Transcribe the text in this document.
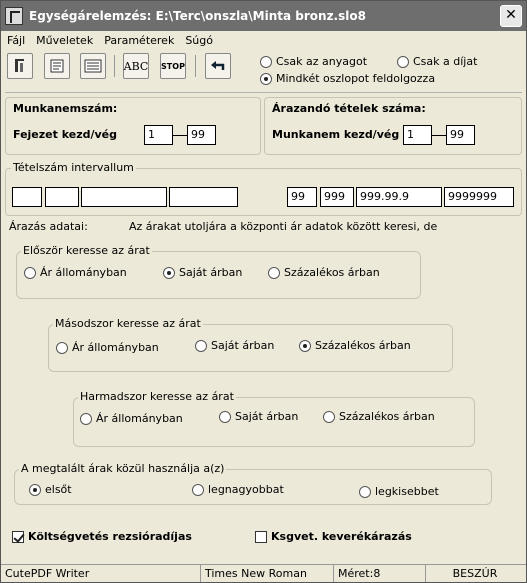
Egységárelemzés: E:\Terc\onszla\Minta bronz.slo8	✕
Fájl Műveletek Paraméterek Súgó
ABC STOP	Csak az anyagot	Csak a díjat
Mindkét oszlopot feldolgozza
Munkanemszám:
Fejezet kezd/vég	1	99
Árazandó tételek száma:
Munkanem kezd/vég 1	99
Tételszám intervallum
99	999	999.99.9	9999999
Árazás adatai:	Az árakat utoljára a központi ár adatok között keresi, de
Először keresse az árat
Ár állományban	Saját árban	Százalékos árban
Másodszor keresse az árat
Ár állományban	Saját árban	Százalékos árban
Harmadszor keresse az árat
Ár állományban	Saját árban	Százalékos árban
A megtalált árak közül használja a(z)
elsőt	legnagyobbat	legkisebbet
Költségvetés rezsióradíjas	Ksgvet. keverékárazás
CutePDF Writer	Times New Roman	Méret:8	BESZÚR
